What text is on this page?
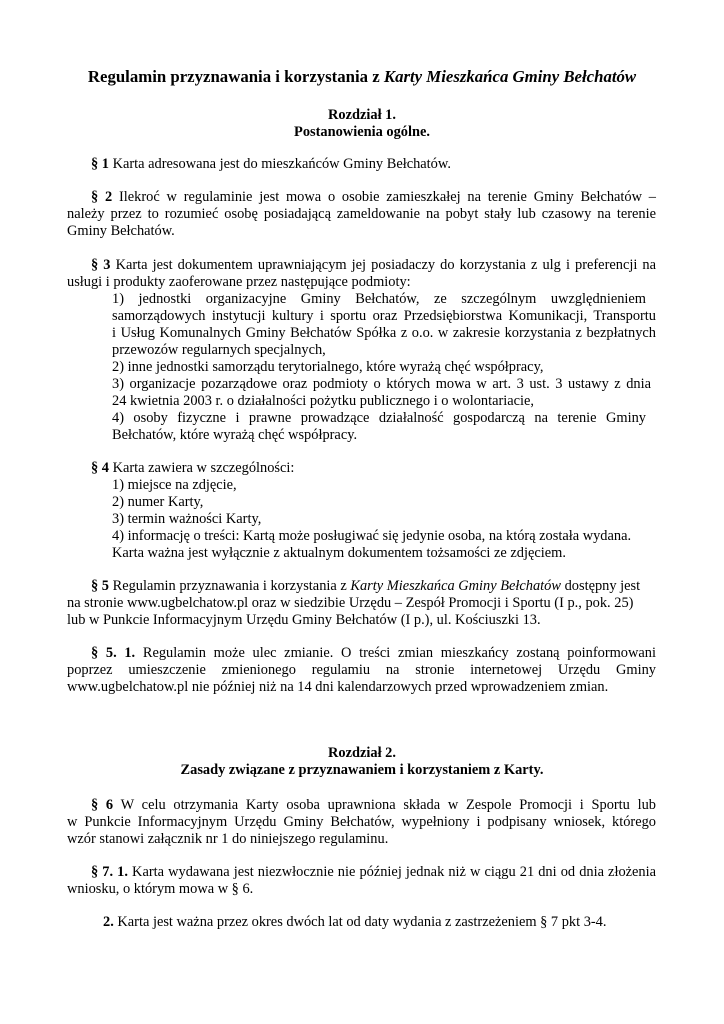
Regulamin przyznawania i korzystania z Karty Mieszkańca Gminy Bełchatów
Rozdział 1.
Postanowienia ogólne.
§ 1 Karta adresowana jest do mieszkańców Gminy Bełchatów.
§ 2 Ilekroć w regulaminie jest mowa o osobie zamieszkałej na terenie Gminy Bełchatów –
należy przez to rozumieć osobę posiadającą zameldowanie na pobyt stały lub czasowy na terenie
Gminy Bełchatów.
§ 3 Karta jest dokumentem uprawniającym jej posiadaczy do korzystania z ulg i preferencji na
usługi i produkty zaoferowane przez następujące podmioty:
1) jednostki organizacyjne Gminy Bełchatów, ze szczególnym uwzględnieniem
samorządowych instytucji kultury i sportu oraz Przedsiębiorstwa Komunikacji, Transportu
i Usług Komunalnych Gminy Bełchatów Spółka z o.o. w zakresie korzystania z bezpłatnych
przewozów regularnych specjalnych,
2) inne jednostki samorządu terytorialnego, które wyrażą chęć współpracy,
3) organizacje pozarządowe oraz podmioty o których mowa w art. 3 ust. 3 ustawy z dnia
24 kwietnia 2003 r. o działalności pożytku publicznego i o wolontariacie,
4) osoby fizyczne i prawne prowadzące działalność gospodarczą na terenie Gminy
Bełchatów, które wyrażą chęć współpracy.
§ 4 Karta zawiera w szczególności:
1) miejsce na zdjęcie,
2) numer Karty,
3) termin ważności Karty,
4) informację o treści: Kartą może posługiwać się jedynie osoba, na którą została wydana.
Karta ważna jest wyłącznie z aktualnym dokumentem tożsamości ze zdjęciem.
§ 5 Regulamin przyznawania i korzystania z Karty Mieszkańca Gminy Bełchatów dostępny jest
na stronie www.ugbelchatow.pl oraz w siedzibie Urzędu – Zespół Promocji i Sportu (I p., pok. 25)
lub w Punkcie Informacyjnym Urzędu Gminy Bełchatów (I p.), ul. Kościuszki 13.
§ 5. 1. Regulamin może ulec zmianie. O treści zmian mieszkańcy zostaną poinformowani
poprzez umieszczenie zmienionego regulamiu na stronie internetowej Urzędu Gminy
www.ugbelchatow.pl nie później niż na 14 dni kalendarzowych przed wprowadzeniem zmian.
Rozdział 2.
Zasady związane z przyznawaniem i korzystaniem z Karty.
§ 6 W celu otrzymania Karty osoba uprawniona składa w Zespole Promocji i Sportu lub
w Punkcie Informacyjnym Urzędu Gminy Bełchatów, wypełniony i podpisany wniosek, którego
wzór stanowi załącznik nr 1 do niniejszego regulaminu.
§ 7. 1. Karta wydawana jest niezwłocznie nie później jednak niż w ciągu 21 dni od dnia złożenia
wniosku, o którym mowa w § 6.
2. Karta jest ważna przez okres dwóch lat od daty wydania z zastrzeżeniem § 7 pkt 3-4.
